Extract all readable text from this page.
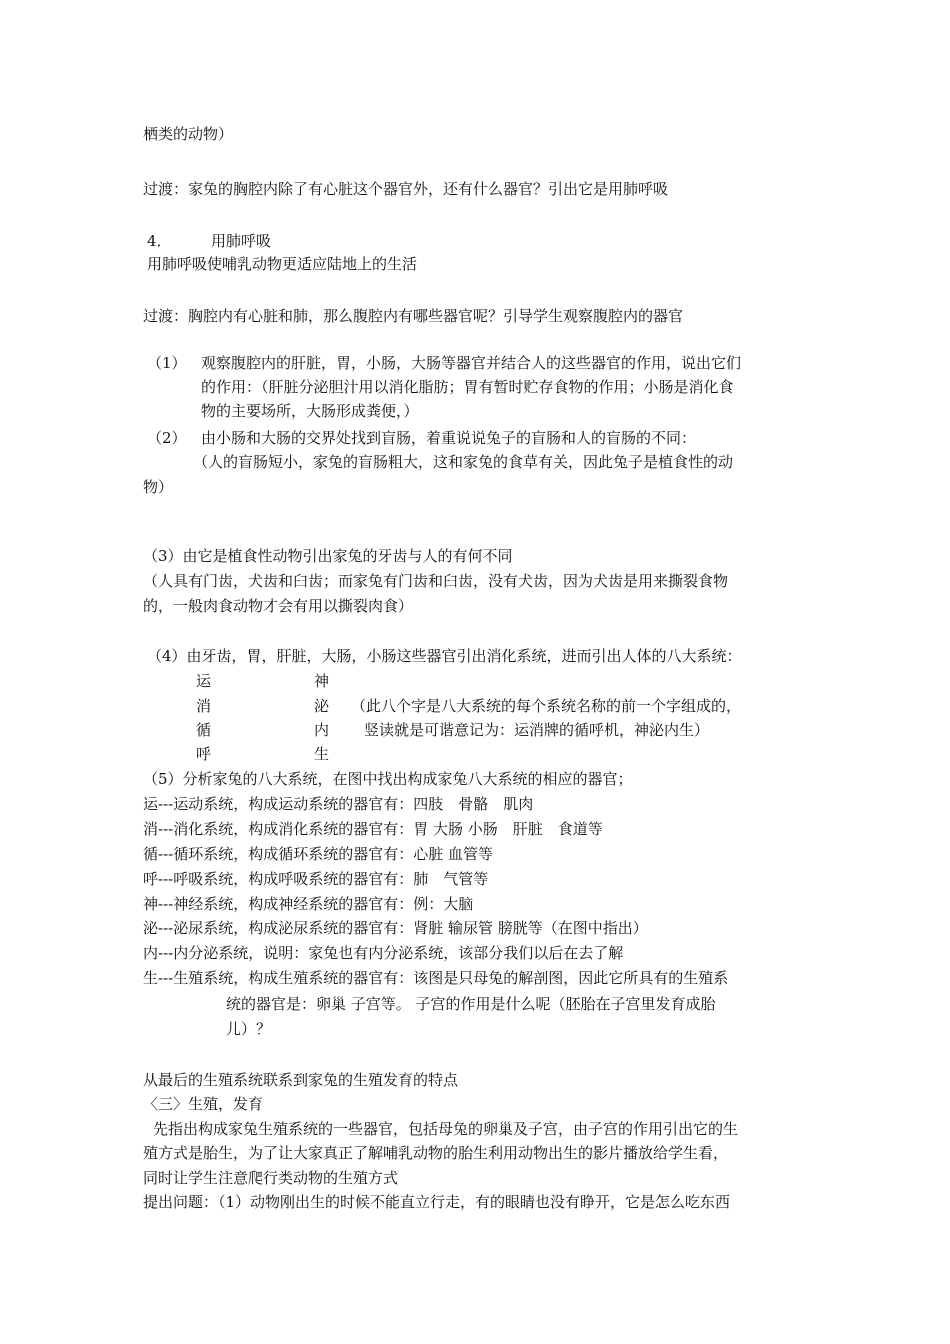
栖类的动物）
过渡：家兔的胸腔内除了有心脏这个器官外，还有什么器官？引出它是用肺呼吸
4．	用肺呼吸
用肺呼吸使哺乳动物更适应陆地上的生活
过渡：胸腔内有心脏和肺，那么腹腔内有哪些器官呢？引导学生观察腹腔内的器官
（1） 观察腹腔内的肝脏，胃，小肠，大肠等器官并结合人的这些器官的作用，说出它们
的作用：（肝脏分泌胆汁用以消化脂肪；胃有暂时贮存食物的作用；小肠是消化食
物的主要场所，大肠形成粪便，）
（2） 由小肠和大肠的交界处找到盲肠，着重说说兔子的盲肠和人的盲肠的不同：
（人的盲肠短小，家兔的盲肠粗大，这和家兔的食草有关，因此兔子是植食性的动
物）
（3）由它是植食性动物引出家兔的牙齿与人的有何不同
（人具有门齿，犬齿和臼齿；而家兔有门齿和臼齿，没有犬齿，因为犬齿是用来撕裂食物
的，一般肉食动物才会有用以撕裂肉食）
（4）由牙齿，胃，肝脏，大肠，小肠这些器官引出消化系统，进而引出人体的八大系统：
运
消
循
呼
神
泌
内
生
（此八个字是八大系统的每个系统名称的前一个字组成的，
竖读就是可谐意记为：运消牌的循呼机，神泌内生）
（5）分析家兔的八大系统，在图中找出构成家兔八大系统的相应的器官；
运---运动系统，构成运动系统的器官有：四肢　骨骼　肌肉
消---消化系统，构成消化系统的器官有：胃 大肠 小肠　肝脏　食道等
循---循环系统，构成循环系统的器官有：心脏 血管等
呼---呼吸系统，构成呼吸系统的器官有：肺　气管等
神---神经系统，构成神经系统的器官有：例：大脑
泌---泌尿系统，构成泌尿系统的器官有：肾脏 输尿管 膀胱等（在图中指出）
内---内分泌系统，说明：家兔也有内分泌系统，该部分我们以后在去了解
生---生殖系统，构成生殖系统的器官有：该图是只母兔的解剖图，因此它所具有的生殖系
统的器官是：卵巢 子宫等。 子宫的作用是什么呢（胚胎在子宫里发育成胎
儿）？
从最后的生殖系统联系到家兔的生殖发育的特点
〈三〉生殖，发育
先指出构成家兔生殖系统的一些器官，包括母兔的卵巢及子宫，由子宫的作用引出它的生
殖方式是胎生，为了让大家真正了解哺乳动物的胎生利用动物出生的影片播放给学生看，
同时让学生注意爬行类动物的生殖方式
提出问题：（1）动物刚出生的时候不能直立行走，有的眼睛也没有睁开，它是怎么吃东西
